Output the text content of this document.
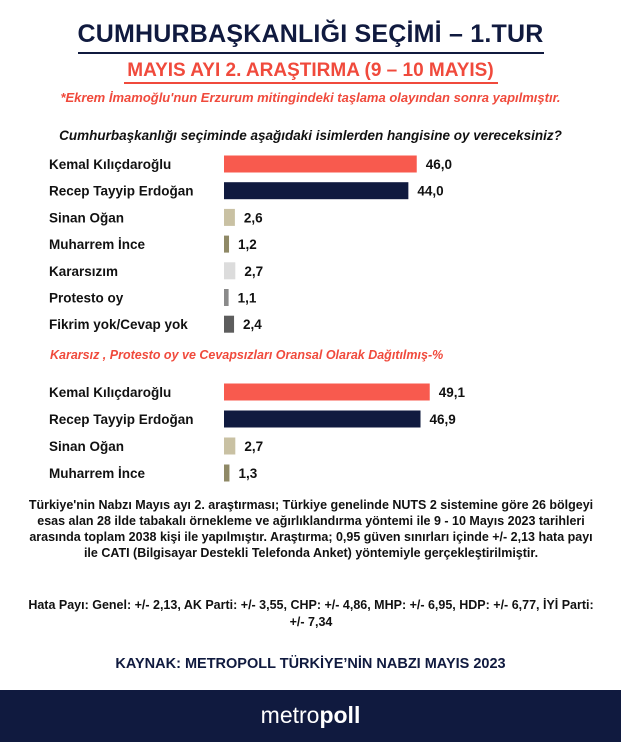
CUMHURBAŞKANLIĞI SEÇİMİ – 1.TUR
MAYIS AYI 2. ARAŞTIRMA (9 – 10 MAYIS)
*Ekrem İmamoğlu'nun Erzurum mitingindeki taşlama olayından sonra yapılmıştır.
Cumhurbaşkanlığı seçiminde aşağıdaki isimlerden hangisine oy vereceksiniz?
Kemal Kılıçdaroğlu	46,0
Recep Tayyip Erdoğan	44,0
Sinan Oğan	2,6
Muharrem İnce	1,2
Kararsızım	2,7
Protesto oy	1,1
Fikrim yok/Cevap yok	2,4
Kararsız , Protesto oy ve Cevapsızları Oransal Olarak Dağıtılmış-%
Kemal Kılıçdaroğlu	49,1
Recep Tayyip Erdoğan	46,9
Sinan Oğan	2,7
Muharrem İnce	1,3
Türkiye'nin Nabzı Mayıs ayı 2. araştırması; Türkiye genelinde NUTS 2 sistemine göre 26 bölgeyi esas alan 28 ilde tabakalı örnekleme ve ağırlıklandırma yöntemi ile 9 - 10 Mayıs 2023 tarihleri arasında toplam 2038 kişi ile yapılmıştır. Araştırma; 0,95 güven sınırları içinde +/- 2,13 hata payı ile CATI (Bilgisayar Destekli Telefonda Anket) yöntemiyle gerçekleştirilmiştir.
Hata Payı: Genel: +/- 2,13, AK Parti: +/- 3,55, CHP: +/- 4,86, MHP: +/- 6,95, HDP: +/- 6,77, İYİ Parti: +/- 7,34
KAYNAK: METROPOLL TÜRKİYE’NİN NABZI MAYIS 2023
metropoll
